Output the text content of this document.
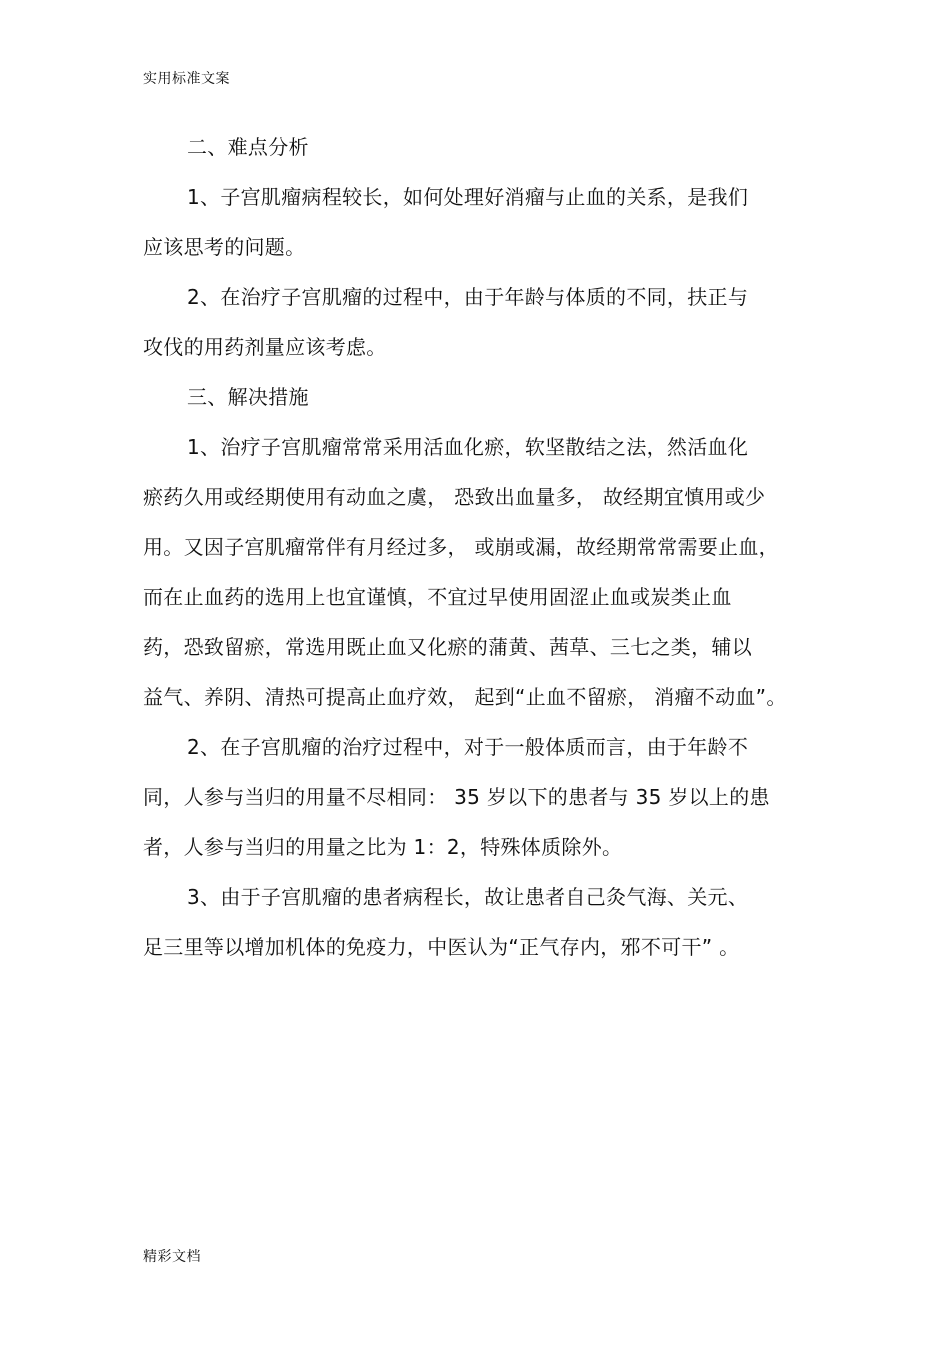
实用标准文案
二、难点分析
1、子宫肌瘤病程较长，如何处理好消瘤与止血的关系，是我们
应该思考的问题。
2、在治疗子宫肌瘤的过程中，由于年龄与体质的不同，扶正与
攻伐的用药剂量应该考虑。
三、解决措施
1、治疗子宫肌瘤常常采用活血化瘀，软坚散结之法，然活血化
瘀药久用或经期使用有动血之虞， 恐致出血量多， 故经期宜慎用或少
用。又因子宫肌瘤常伴有月经过多， 或崩或漏，故经期常常需要止血，
而在止血药的选用上也宜谨慎，不宜过早使用固涩止血或炭类止血
药，恐致留瘀，常选用既止血又化瘀的蒲黄、茜草、三七之类，辅以
益气、养阴、清热可提高止血疗效， 起到“止血不留瘀， 消瘤不动血”。
2、在子宫肌瘤的治疗过程中，对于一般体质而言，由于年龄不
同，人参与当归的用量不尽相同： 35 岁以下的患者与 35 岁以上的患
者，人参与当归的用量之比为 1：2，特殊体质除外。
3、由于子宫肌瘤的患者病程长，故让患者自己灸气海、关元、
足三里等以增加机体的免疫力，中医认为“正气存内，邪不可干” 。
精彩文档
